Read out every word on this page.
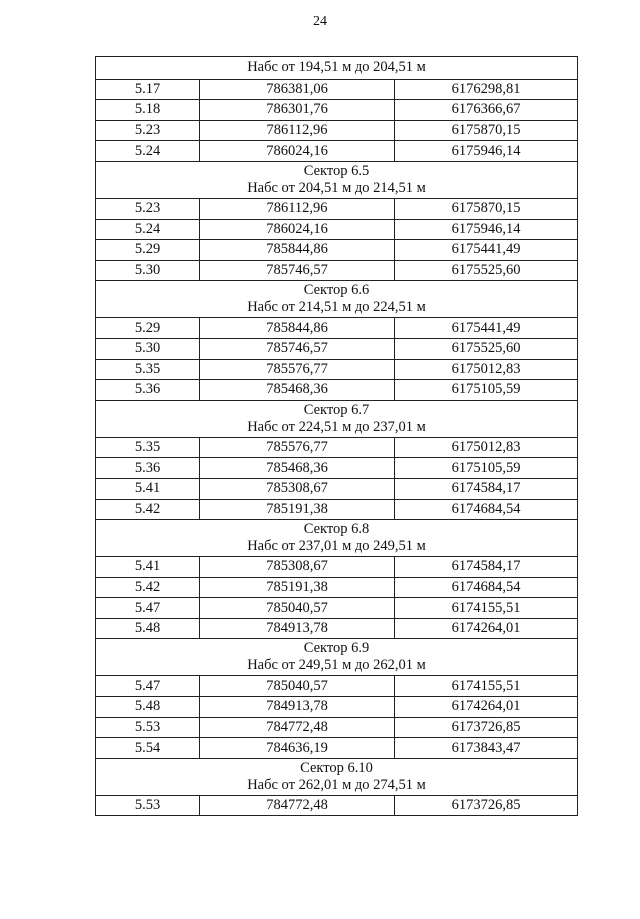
24
Набс от 194,51 м до 204,51 м		

5.17	786381,06	6176298,81
5.18	786301,76	6176366,67
5.23	786112,96	6175870,15
5.24	786024,16	6175946,14

Сектор 6.5
Набс от 204,51 м до 214,51 м		

5.23	786112,96	6175870,15
5.24	786024,16	6175946,14
5.29	785844,86	6175441,49
5.30	785746,57	6175525,60

Сектор 6.6
Набс от 214,51 м до 224,51 м		

5.29	785844,86	6175441,49
5.30	785746,57	6175525,60
5.35	785576,77	6175012,83
5.36	785468,36	6175105,59

Сектор 6.7
Набс от 224,51 м до 237,01 м		

5.35	785576,77	6175012,83
5.36	785468,36	6175105,59
5.41	785308,67	6174584,17
5.42	785191,38	6174684,54

Сектор 6.8
Набс от 237,01 м до 249,51 м		

5.41	785308,67	6174584,17
5.42	785191,38	6174684,54
5.47	785040,57	6174155,51
5.48	784913,78	6174264,01

Сектор 6.9
Набс от 249,51 м до 262,01 м		

5.47	785040,57	6174155,51
5.48	784913,78	6174264,01
5.53	784772,48	6173726,85
5.54	784636,19	6173843,47

Сектор 6.10
Набс от 262,01 м до 274,51 м		

5.53	784772,48	6173726,85
